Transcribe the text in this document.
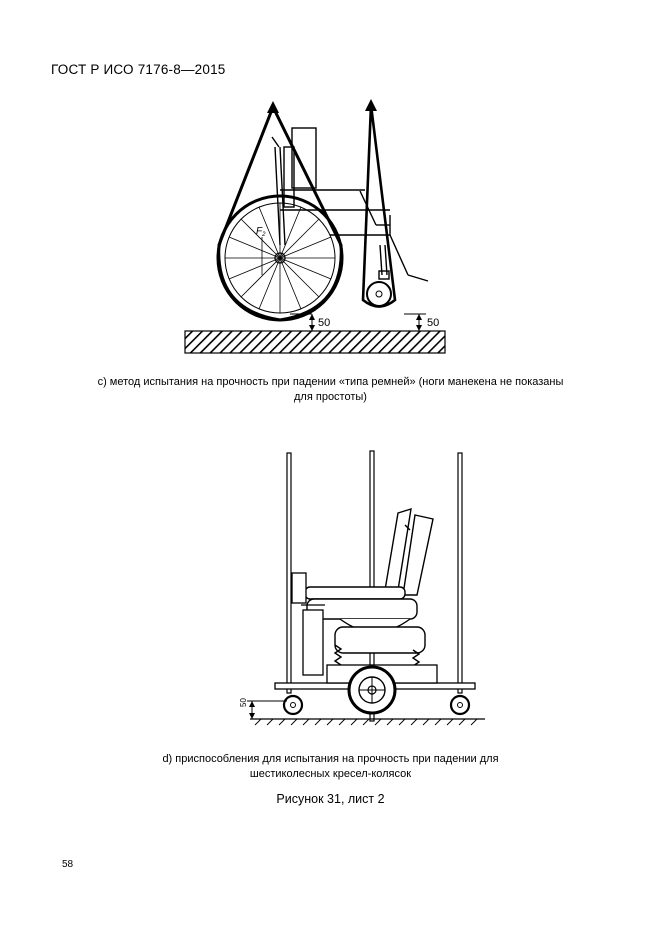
ГОСТ Р ИСО 7176-8—2015
$F_2$
50	50
с) метод испытания на прочность при падении «типа ремней» (ноги манекена не показаны
для простоты)
50
d) приспособления для испытания на прочность при падении для
шестиколесных кресел-колясок
Рисунок 31, лист 2
58
